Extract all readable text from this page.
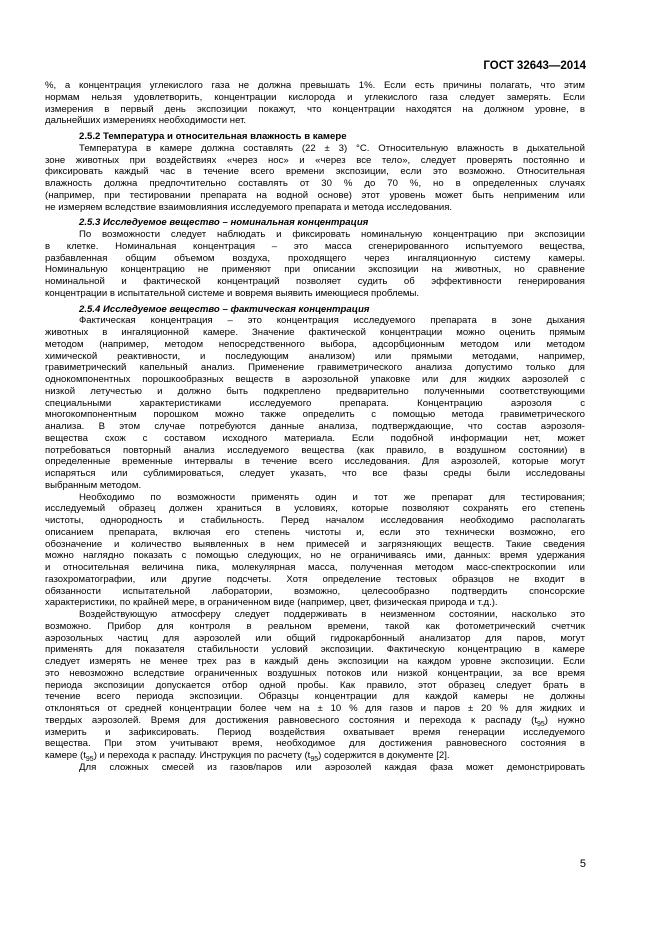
ГОСТ 32643—2014
%, а концентрация углекислого газа не должна превышать 1%. Если есть причины полагать, что этим
нормам нельзя удовлетворить, концентрации кислорода и углекислого газа следует замерять. Если
измерения в первый день экспозиции покажут, что концентрации находятся на должном уровне, в
дальнейших измерениях необходимости нет.
2.5.2 Температура и относительная влажность в камере
Температура в камере должна составлять (22 ± 3) °С. Относительную влажность в дыхательной
зоне животных при воздействиях «через нос» и «через все тело», следует проверять постоянно и
фиксировать каждый час в течение всего времени экспозиции, если это возможно. Относительная
влажность должна предпочтительно составлять от 30 % до 70 %, но в определенных случаях
(например, при тестировании препарата на водной основе) этот уровень может быть неприменим или
не измеряем вследствие взаимовлияния исследуемого препарата и метода исследования.
2.5.3 Исследуемое вещество – номинальная концентрация
По возможности следует наблюдать и фиксировать номинальную концентрацию при экспозиции
в клетке. Номинальная концентрация – это масса сгенерированного испытуемого вещества,
разбавленная общим объемом воздуха, проходящего через ингаляционную систему камеры.
Номинальную концентрацию не применяют при описании экспозиции на животных, но сравнение
номинальной и фактической концентраций позволяет судить об эффективности генерирования
концентрации в испытательной системе и вовремя выявить имеющиеся проблемы.
2.5.4 Исследуемое вещество – фактическая концентрация
Фактическая концентрация – это концентрация исследуемого препарата в зоне дыхания
животных в ингаляционной камере. Значение фактической концентрации можно оценить прямым
методом (например, методом непосредственного выбора, адсорбционным методом или методом
химической реактивности, и последующим анализом) или прямыми методами, например,
гравиметрический капельный анализ. Применение гравиметрического анализа допустимо только для
однокомпонентных порошкообразных веществ в аэрозольной упаковке или для жидких аэрозолей с
низкой летучестью и должно быть подкреплено предварительно полученными соответствующими
специальными характеристиками исследуемого препарата. Концентрацию аэрозоля с
многокомпонентным порошком можно также определить с помощью метода гравиметрического
анализа. В этом случае потребуются данные анализа, подтверждающие, что состав аэрозоля-
вещества схож с составом исходного материала. Если подобной информации нет, может
потребоваться повторный анализ исследуемого вещества (как правило, в воздушном состоянии) в
определенные временные интервалы в течение всего исследования. Для аэрозолей, которые могут
испаряться или сублимироваться, следует указать, что все фазы среды были исследованы
выбранным методом.
Необходимо по возможности применять один и тот же препарат для тестирования;
исследуемый образец должен храниться в условиях, которые позволяют сохранять его степень
чистоты, однородность и стабильность. Перед началом исследования необходимо располагать
описанием препарата, включая его степень чистоты и, если это технически возможно, его
обозначение и количество выявленных в нем примесей и загрязняющих веществ. Такие сведения
можно наглядно показать с помощью следующих, но не ограничиваясь ими, данных: время удержания
и относительная величина пика, молекулярная масса, полученная методом масс-спектроскопии или
газохроматографии, или другие подсчеты. Хотя определение тестовых образцов не входит в
обязанности испытательной лаборатории, возможно, целесообразно подтвердить спонсорские
характеристики, по крайней мере, в ограниченном виде (например, цвет, физическая природа и т.д.).
Воздействующую атмосферу следует поддерживать в неизменном состоянии, насколько это
возможно. Прибор для контроля в реальном времени, такой как фотометрический счетчик
аэрозольных частиц для аэрозолей или общий гидрокарбонный анализатор для паров, могут
применять для показателя стабильности условий экспозиции. Фактическую концентрацию в камере
следует измерять не менее трех раз в каждый день экспозиции на каждом уровне экспозиции. Если
это невозможно вследствие ограниченных воздушных потоков или низкой концентрации, за все время
периода экспозиции допускается отбор одной пробы. Как правило, этот образец следует брать в
течение всего периода экспозиции. Образцы концентрации для каждой камеры не должны
отклоняться от средней концентрации более чем на ± 10 % для газов и паров ± 20 % для жидких и
твердых аэрозолей. Время для достижения равновесного состояния и перехода к распаду $(t_{95})$ нужно
измерить и зафиксировать. Период воздействия охватывает время генерации исследуемого
вещества. При этом учитывают время, необходимое для достижения равновесного состояния в
камере $(t_{95})$ и перехода к распаду. Инструкция по расчету $(t_{95})$ содержится в документе [2].
Для сложных смесей из газов/паров или аэрозолей каждая фаза может демонстрировать
5
